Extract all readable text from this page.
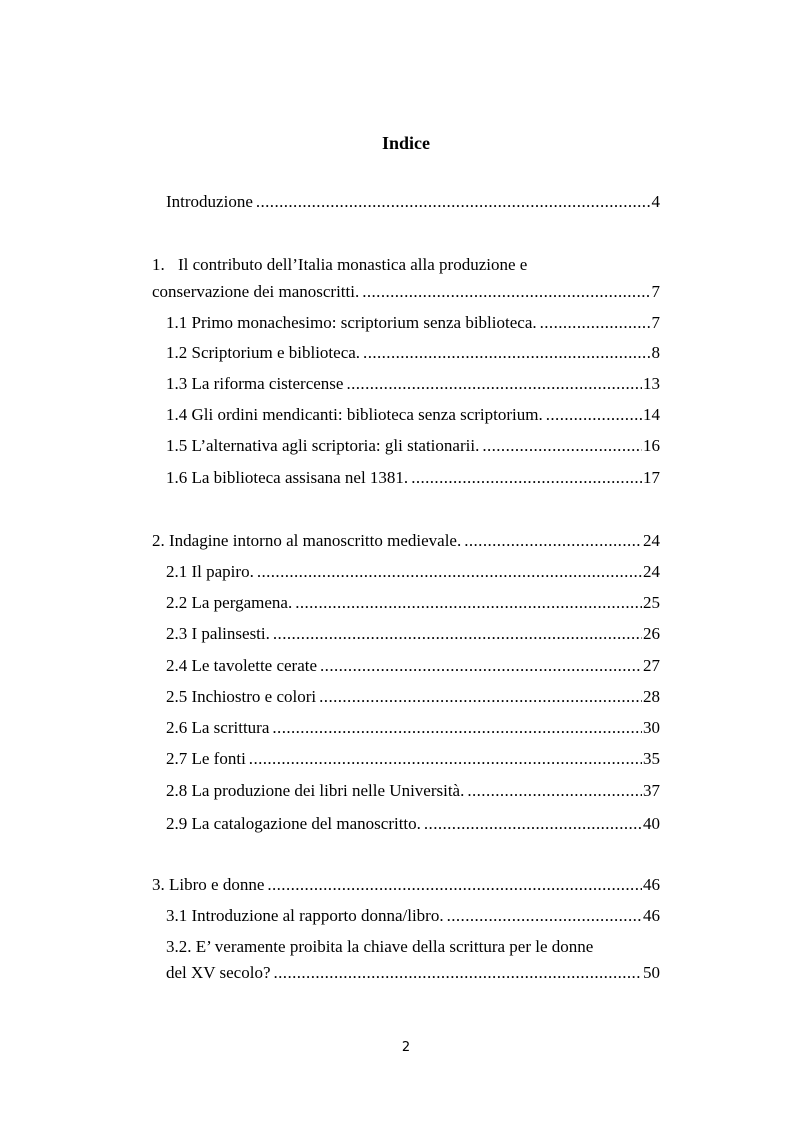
Indice
Introduzione .....	4
1. Il contributo dell’Italia monastica alla produzione e
conservazione dei manoscritti. .....	7
1.1 Primo monachesimo: scriptorium senza biblioteca. .....	7
1.2 Scriptorium e biblioteca. .....	8
1.3 La riforma cistercense .....	13
1.4 Gli ordini mendicanti: biblioteca senza scriptorium. .....	14
1.5 L’alternativa agli scriptoria: gli stationarii. .....	16
1.6 La biblioteca assisana nel 1381. .....	17
2. Indagine intorno al manoscritto medievale. .....	24
2.1 Il papiro. .....	24
2.2 La pergamena. .....	25
2.3 I palinsesti. .....	26
2.4 Le tavolette cerate .....	27
2.5 Inchiostro e colori .....	28
2.6 La scrittura .....	30
2.7 Le fonti .....	35
2.8 La produzione dei libri nelle Università. .....	37
2.9 La catalogazione del manoscritto. .....	40
3. Libro e donne .....	46
3.1 Introduzione al rapporto donna/libro. .....	46
3.2. E’ veramente proibita la chiave della scrittura per le donne
del XV secolo? .....	50
2
